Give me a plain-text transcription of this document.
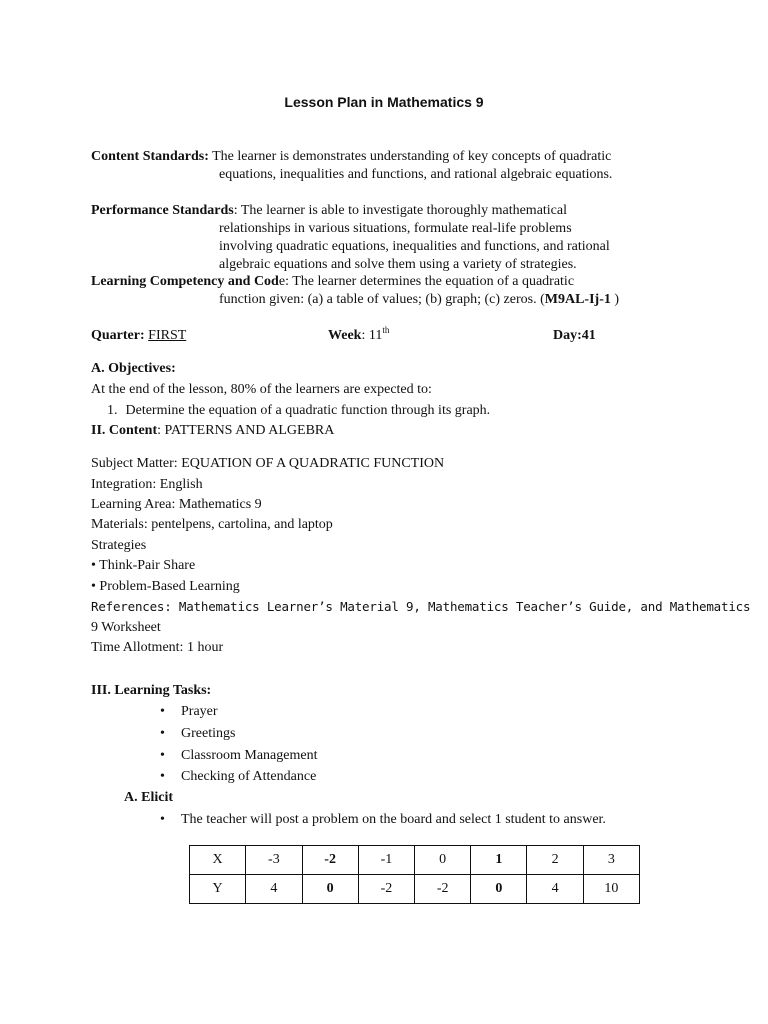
Lesson Plan in Mathematics 9
Content Standards: The learner is demonstrates understanding of key concepts of quadratic
equations, inequalities and functions, and rational algebraic equations.
Performance Standards: The learner is able to investigate thoroughly mathematical
relationships in various situations, formulate real-life problems
involving quadratic equations, inequalities and functions, and rational
algebraic equations and solve them using a variety of strategies.
Learning Competency and Code: The learner determines the equation of a quadratic
function given: (a) a table of values; (b) graph; (c) zeros. (M9AL-Ij-1 )
Quarter: FIRST	Week: 11th	Day:41
A. Objectives:
At the end of the lesson, 80% of the learners are expected to:
1. Determine the equation of a quadratic function through its graph.
II. Content: PATTERNS AND ALGEBRA
Subject Matter: EQUATION OF A QUADRATIC FUNCTION
Integration: English
Learning Area: Mathematics 9
Materials: pentelpens, cartolina, and laptop
Strategies
• Think-Pair Share
• Problem-Based Learning
References: Mathematics Learner’s Material 9, Mathematics Teacher’s Guide, and Mathematics
9 Worksheet
Time Allotment: 1 hour
III. Learning Tasks:
• Prayer
• Greetings
• Classroom Management
• Checking of Attendance
A. Elicit
• The teacher will post a problem on the board and select 1 student to answer.
X	-3	-2	-1	0	1	2	3
Y	4	0	-2	-2	0	4	10
